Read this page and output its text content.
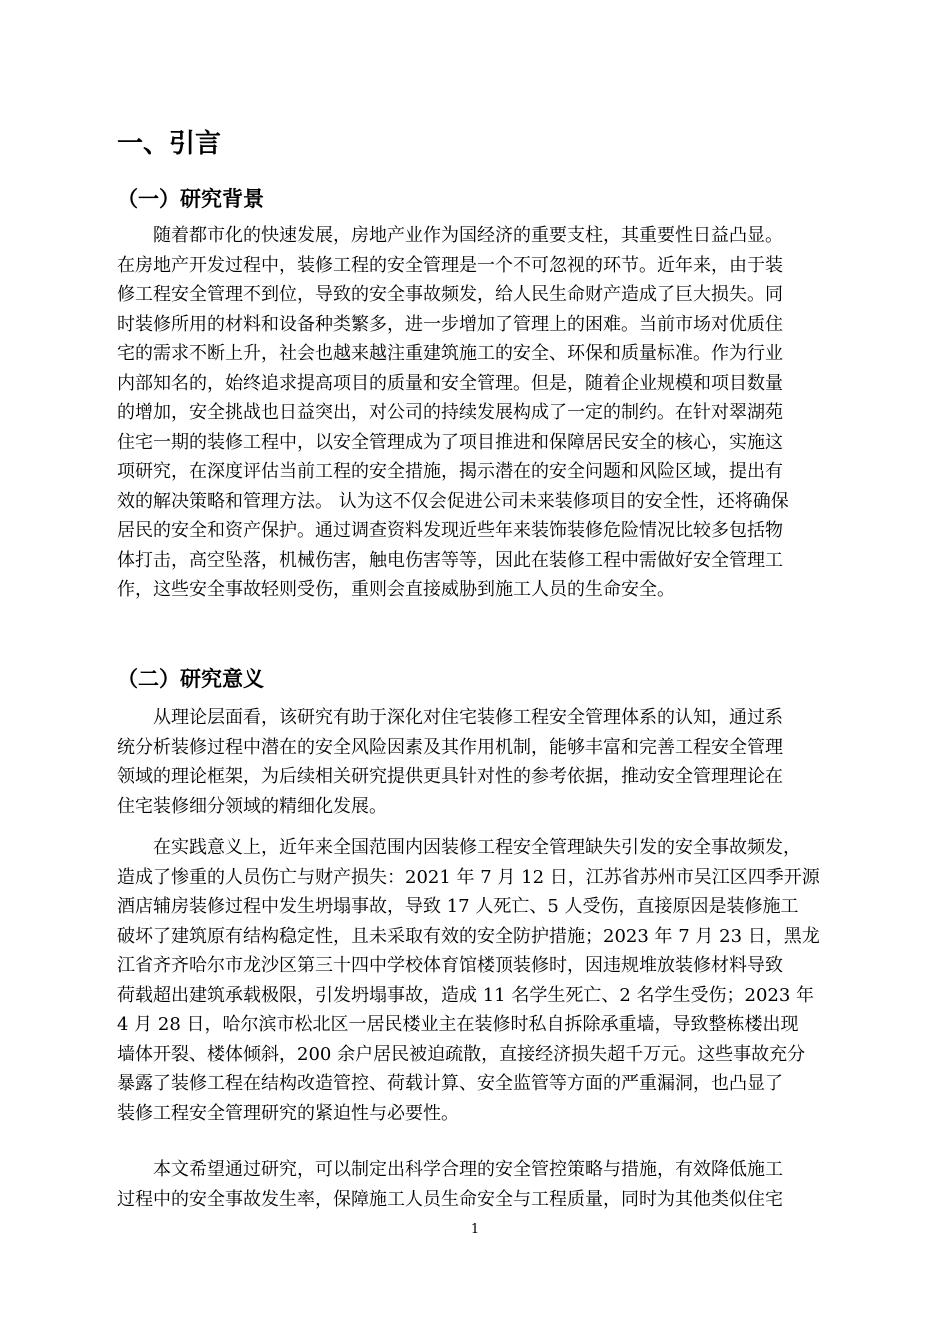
一、引言
（一）研究背景
随着都市化的快速发展，房地产业作为国经济的重要支柱，其重要性日益凸显。
在房地产开发过程中，装修工程的安全管理是一个不可忽视的环节。近年来，由于装
修工程安全管理不到位，导致的安全事故频发，给人民生命财产造成了巨大损失。同
时装修所用的材料和设备种类繁多，进一步增加了管理上的困难。当前市场对优质住
宅的需求不断上升，社会也越来越注重建筑施工的安全、环保和质量标准。作为行业
内部知名的，始终追求提高项目的质量和安全管理。但是，随着企业规模和项目数量
的增加，安全挑战也日益突出，对公司的持续发展构成了一定的制约。在针对翠湖苑
住宅一期的装修工程中，以安全管理成为了项目推进和保障居民安全的核心，实施这
项研究，在深度评估当前工程的安全措施，揭示潜在的安全问题和风险区域，提出有
效的解决策略和管理方法。 认为这不仅会促进公司未来装修项目的安全性，还将确保
居民的安全和资产保护。通过调查资料发现近些年来装饰装修危险情况比较多包括物
体打击，高空坠落，机械伤害，触电伤害等等，因此在装修工程中需做好安全管理工
作，这些安全事故轻则受伤，重则会直接威胁到施工人员的生命安全。
（二）研究意义
从理论层面看，该研究有助于深化对住宅装修工程安全管理体系的认知，通过系
统分析装修过程中潜在的安全风险因素及其作用机制，能够丰富和完善工程安全管理
领域的理论框架，为后续相关研究提供更具针对性的参考依据，推动安全管理理论在
住宅装修细分领域的精细化发展。
在实践意义上，近年来全国范围内因装修工程安全管理缺失引发的安全事故频发，
造成了惨重的人员伤亡与财产损失：2021 年 7 月 12 日，江苏省苏州市吴江区四季开源
酒店辅房装修过程中发生坍塌事故，导致 17 人死亡、5 人受伤，直接原因是装修施工
破坏了建筑原有结构稳定性，且未采取有效的安全防护措施；2023 年 7 月 23 日，黑龙
江省齐齐哈尔市龙沙区第三十四中学校体育馆楼顶装修时，因违规堆放装修材料导致
荷载超出建筑承载极限，引发坍塌事故，造成 11 名学生死亡、2 名学生受伤；2023 年
4 月 28 日，哈尔滨市松北区一居民楼业主在装修时私自拆除承重墙，导致整栋楼出现
墙体开裂、楼体倾斜，200 余户居民被迫疏散，直接经济损失超千万元。这些事故充分
暴露了装修工程在结构改造管控、荷载计算、安全监管等方面的严重漏洞，也凸显了
装修工程安全管理研究的紧迫性与必要性。
本文希望通过研究，可以制定出科学合理的安全管控策略与措施，有效降低施工
过程中的安全事故发生率，保障施工人员生命安全与工程质量，同时为其他类似住宅
1
